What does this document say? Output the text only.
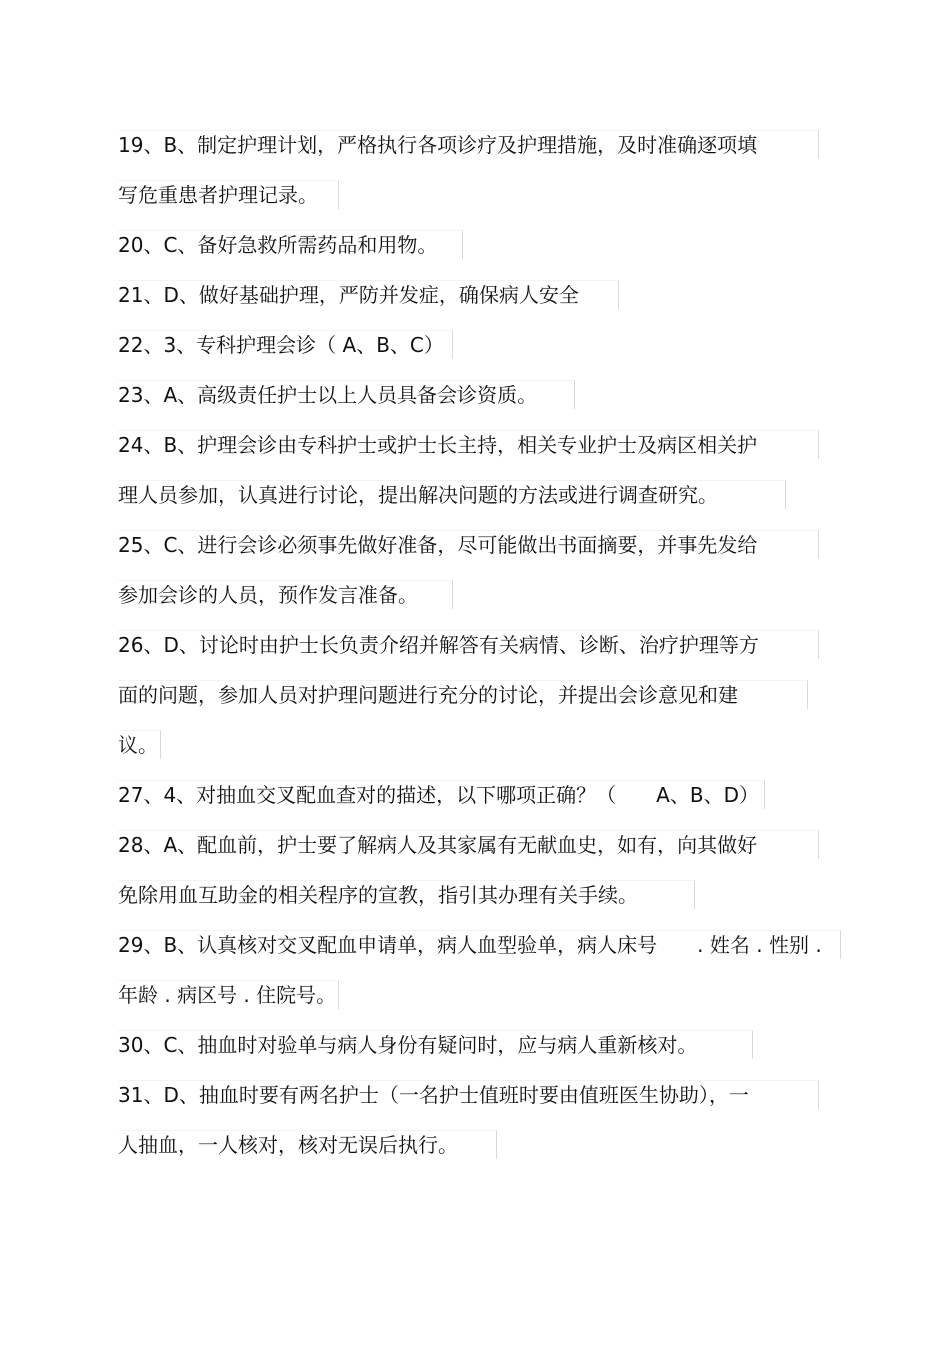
19、B、制定护理计划，严格执行各项诊疗及护理措施，及时准确逐项填
写危重患者护理记录。
20、C、备好急救所需药品和用物。
21、D、做好基础护理，严防并发症，确保病人安全
22、3、专科护理会诊（ A、B、C）
23、A、高级责任护士以上人员具备会诊资质。
24、B、护理会诊由专科护士或护士长主持，相关专业护士及病区相关护
理人员参加，认真进行讨论，提出解决问题的方法或进行调查研究。
25、C、进行会诊必须事先做好准备，尽可能做出书面摘要，并事先发给
参加会诊的人员，预作发言准备。
26、D、讨论时由护士长负责介绍并解答有关病情、诊断、治疗护理等方
面的问题，参加人员对护理问题进行充分的讨论，并提出会诊意见和建
议。
27、4、对抽血交叉配血查对的描述，以下哪项正确？（　　A、B、D）
28、A、配血前，护士要了解病人及其家属有无献血史，如有，向其做好
免除用血互助金的相关程序的宣教，指引其办理有关手续。
29、B、认真核对交叉配血申请单，病人血型验单，病人床号　　. 姓名 . 性别 .
年龄 . 病区号 . 住院号。
30、C、抽血时对验单与病人身份有疑问时，应与病人重新核对。
31、D、抽血时要有两名护士（一名护士值班时要由值班医生协助），一
人抽血，一人核对，核对无误后执行。
